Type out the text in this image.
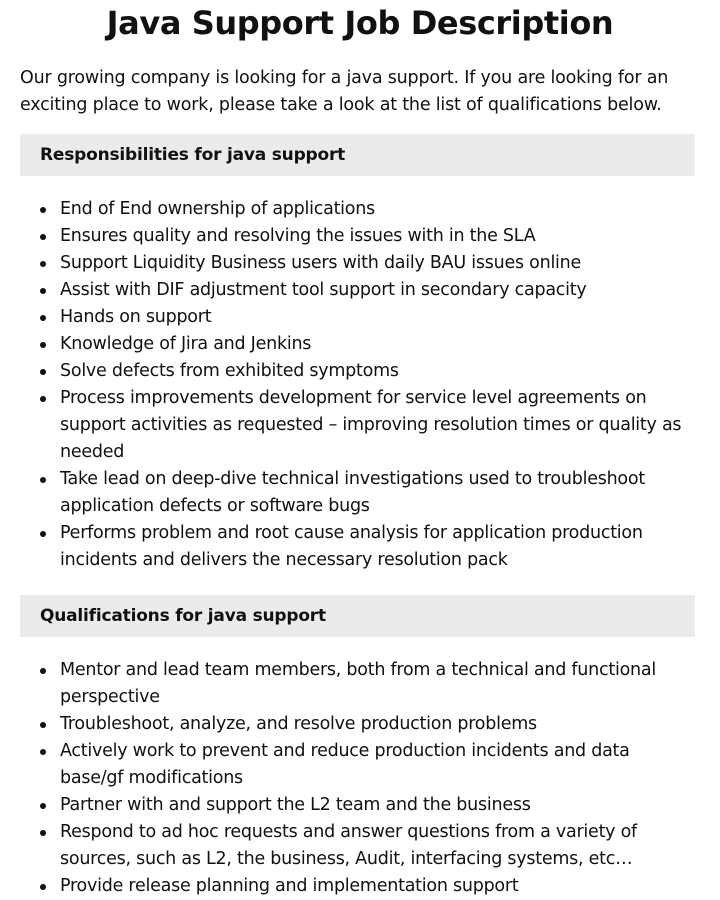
Java Support Job Description

Our growing company is looking for a java support. If you are looking for an exciting place to work, please take a look at the list of qualifications below.

Responsibilities for java support
End of End ownership of applications
Ensures quality and resolving the issues with in the SLA
Support Liquidity Business users with daily BAU issues online
Assist with DIF adjustment tool support in secondary capacity
Hands on support
Knowledge of Jira and Jenkins
Solve defects from exhibited symptoms
Process improvements development for service level agreements on support activities as requested – improving resolution times or quality as needed
Take lead on deep-dive technical investigations used to troubleshoot application defects or software bugs
Performs problem and root cause analysis for application production incidents and delivers the necessary resolution pack
Qualifications for java support
Mentor and lead team members, both from a technical and functional perspective
Troubleshoot, analyze, and resolve production problems
Actively work to prevent and reduce production incidents and data base/gf modifications
Partner with and support the L2 team and the business
Respond to ad hoc requests and answer questions from a variety of sources, such as L2, the business, Audit, interfacing systems, etc…
Provide release planning and implementation support
